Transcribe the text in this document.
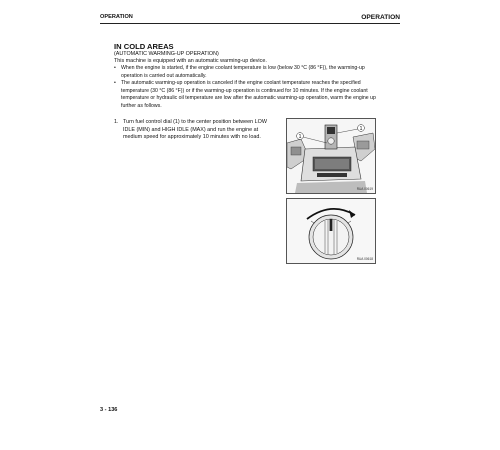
OPERATION	OPERATION
IN COLD AREAS
(AUTOMATIC WARMING-UP OPERATION)
This machine is equipped with an automatic warming-up device.
• When the engine is started, if the engine coolant temperature is low (below 30 °C (86 °F)), the warming-up operation is carried out automatically.
• The automatic warming-up operation is canceled if the engine coolant temperature reaches the specified temperature (30 °C (86 °F)) or if the warming-up operation is continued for 10 minutes. If the engine coolant temperature or hydraulic oil temperature are low after the automatic warming-up operation, warm the engine up further as follows.
1. Turn fuel control dial (1) to the center position between LOW IDLE (MIN) and HIGH IDLE (MAX) and run the engine at medium speed for approximately 10 minutes with no load.	1
1
RUA 00619
RUA 00618
3 - 136
